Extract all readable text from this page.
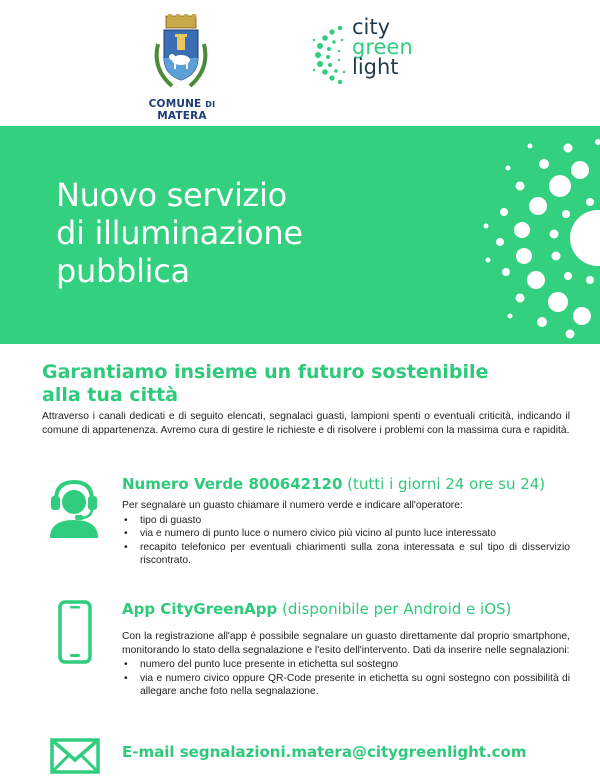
COMUNE DI MATERA
city
green
light
Nuovo servizio
di illuminazione
pubblica
Garantiamo insieme un futuro sostenibile
alla tua città
Attraverso i canali dedicati e di seguito elencati, segnalaci guasti, lampioni spenti o eventuali criticità, indicando il comune di appartenenza. Avremo cura di gestire le richieste e di risolvere i problemi con la massima cura e rapidità.
Numero Verde 800642120 (tutti i giorni 24 ore su 24)
Per segnalare un guasto chiamare il numero verde e indicare all'operatore:
• tipo di guasto
• via e numero di punto luce o numero civico più vicino al punto luce interessato
• recapito telefonico per eventuali chiarimenti sulla zona interessata e sul tipo di disservizio riscontrato.
App CityGreenApp (disponibile per Android e iOS)
Con la registrazione all'app è possibile segnalare un guasto direttamente dal proprio smartphone, monitorando lo stato della segnalazione e l'esito dell'intervento. Dati da inserire nelle segnalazioni:
• numero del punto luce presente in etichetta sul sostegno
• via e numero civico oppure QR-Code presente in etichetta su ogni sostegno con possibilità di allegare anche foto nella segnalazione.
E-mail segnalazioni.matera@citygreenlight.com
